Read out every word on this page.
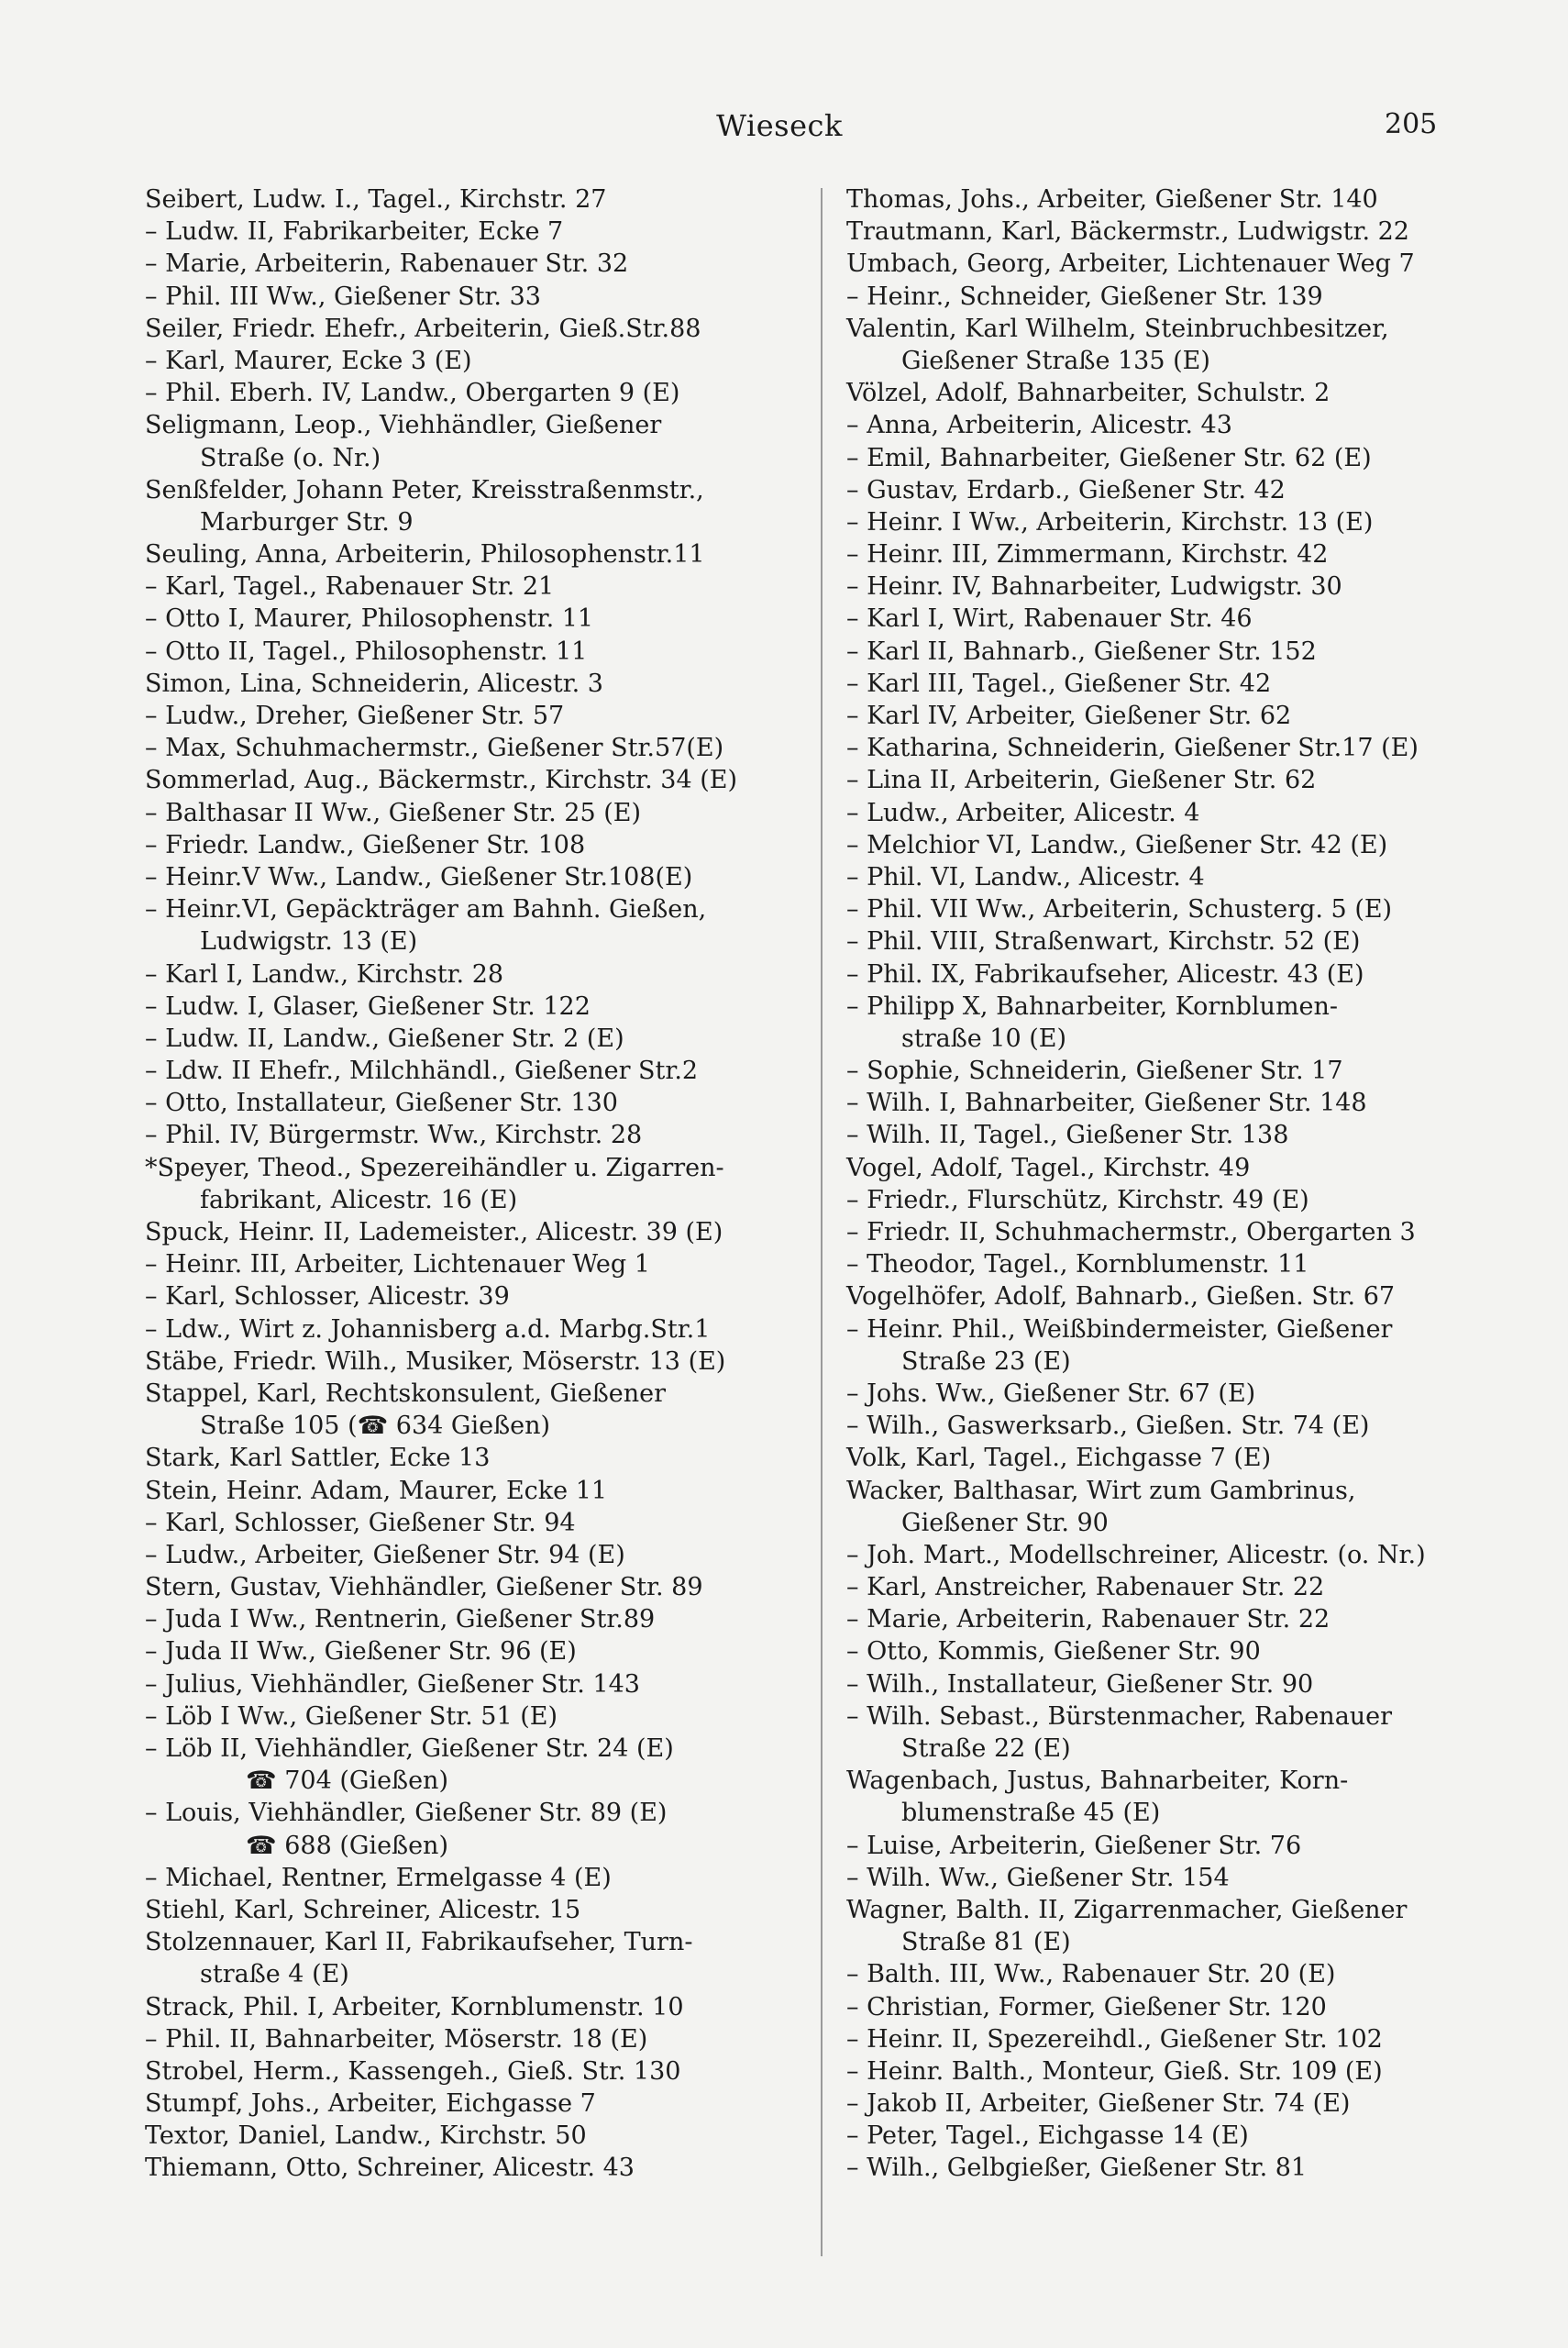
Wieseck	205
Seibert, Ludw. I., Tagel., Kirchstr. 27
– Ludw. II, Fabrikarbeiter, Ecke 7
– Marie, Arbeiterin, Rabenauer Str. 32
– Phil. III Ww., Gießener Str. 33
Seiler, Friedr. Ehefr., Arbeiterin, Gieß.Str.88
– Karl, Maurer, Ecke 3 (E)
– Phil. Eberh. IV, Landw., Obergarten 9 (E)
Seligmann, Leop., Viehhändler, Gießener
Straße (o. Nr.)
Senßfelder, Johann Peter, Kreisstraßenmstr.,
Marburger Str. 9
Seuling, Anna, Arbeiterin, Philosophenstr.11
– Karl, Tagel., Rabenauer Str. 21
– Otto I, Maurer, Philosophenstr. 11
– Otto II, Tagel., Philosophenstr. 11
Simon, Lina, Schneiderin, Alicestr. 3
– Ludw., Dreher, Gießener Str. 57
– Max, Schuhmachermstr., Gießener Str.57(E)
Sommerlad, Aug., Bäckermstr., Kirchstr. 34 (E)
– Balthasar II Ww., Gießener Str. 25 (E)
– Friedr. Landw., Gießener Str. 108
– Heinr.V Ww., Landw., Gießener Str.108(E)
– Heinr.VI, Gepäckträger am Bahnh. Gießen,
Ludwigstr. 13 (E)
– Karl I, Landw., Kirchstr. 28
– Ludw. I, Glaser, Gießener Str. 122
– Ludw. II, Landw., Gießener Str. 2 (E)
– Ldw. II Ehefr., Milchhändl., Gießener Str.2
– Otto, Installateur, Gießener Str. 130
– Phil. IV, Bürgermstr. Ww., Kirchstr. 28
*Speyer, Theod., Spezereihändler u. Zigarren-
fabrikant, Alicestr. 16 (E)
Spuck, Heinr. II, Lademeister., Alicestr. 39 (E)
– Heinr. III, Arbeiter, Lichtenauer Weg 1
– Karl, Schlosser, Alicestr. 39
– Ldw., Wirt z. Johannisberg a.d. Marbg.Str.1
Stäbe, Friedr. Wilh., Musiker, Möserstr. 13 (E)
Stappel, Karl, Rechtskonsulent, Gießener
Straße 105 (☎ 634 Gießen)
Stark, Karl Sattler, Ecke 13
Stein, Heinr. Adam, Maurer, Ecke 11
– Karl, Schlosser, Gießener Str. 94
– Ludw., Arbeiter, Gießener Str. 94 (E)
Stern, Gustav, Viehhändler, Gießener Str. 89
– Juda I Ww., Rentnerin, Gießener Str.89
– Juda II Ww., Gießener Str. 96 (E)
– Julius, Viehhändler, Gießener Str. 143
– Löb I Ww., Gießener Str. 51 (E)
– Löb II, Viehhändler, Gießener Str. 24 (E)
☎ 704 (Gießen)
– Louis, Viehhändler, Gießener Str. 89 (E)
☎ 688 (Gießen)
– Michael, Rentner, Ermelgasse 4 (E)
Stiehl, Karl, Schreiner, Alicestr. 15
Stolzennauer, Karl II, Fabrikaufseher, Turn-
straße 4 (E)
Strack, Phil. I, Arbeiter, Kornblumenstr. 10
– Phil. II, Bahnarbeiter, Möserstr. 18 (E)
Strobel, Herm., Kassengeh., Gieß. Str. 130
Stumpf, Johs., Arbeiter, Eichgasse 7
Textor, Daniel, Landw., Kirchstr. 50
Thiemann, Otto, Schreiner, Alicestr. 43
Thomas, Johs., Arbeiter, Gießener Str. 140
Trautmann, Karl, Bäckermstr., Ludwigstr. 22
Umbach, Georg, Arbeiter, Lichtenauer Weg 7
– Heinr., Schneider, Gießener Str. 139
Valentin, Karl Wilhelm, Steinbruchbesitzer,
Gießener Straße 135 (E)
Völzel, Adolf, Bahnarbeiter, Schulstr. 2
– Anna, Arbeiterin, Alicestr. 43
– Emil, Bahnarbeiter, Gießener Str. 62 (E)
– Gustav, Erdarb., Gießener Str. 42
– Heinr. I Ww., Arbeiterin, Kirchstr. 13 (E)
– Heinr. III, Zimmermann, Kirchstr. 42
– Heinr. IV, Bahnarbeiter, Ludwigstr. 30
– Karl I, Wirt, Rabenauer Str. 46
– Karl II, Bahnarb., Gießener Str. 152
– Karl III, Tagel., Gießener Str. 42
– Karl IV, Arbeiter, Gießener Str. 62
– Katharina, Schneiderin, Gießener Str.17 (E)
– Lina II, Arbeiterin, Gießener Str. 62
– Ludw., Arbeiter, Alicestr. 4
– Melchior VI, Landw., Gießener Str. 42 (E)
– Phil. VI, Landw., Alicestr. 4
– Phil. VII Ww., Arbeiterin, Schusterg. 5 (E)
– Phil. VIII, Straßenwart, Kirchstr. 52 (E)
– Phil. IX, Fabrikaufseher, Alicestr. 43 (E)
– Philipp X, Bahnarbeiter, Kornblumen-
straße 10 (E)
– Sophie, Schneiderin, Gießener Str. 17
– Wilh. I, Bahnarbeiter, Gießener Str. 148
– Wilh. II, Tagel., Gießener Str. 138
Vogel, Adolf, Tagel., Kirchstr. 49
– Friedr., Flurschütz, Kirchstr. 49 (E)
– Friedr. II, Schuhmachermstr., Obergarten 3
– Theodor, Tagel., Kornblumenstr. 11
Vogelhöfer, Adolf, Bahnarb., Gießen. Str. 67
– Heinr. Phil., Weißbindermeister, Gießener
Straße 23 (E)
– Johs. Ww., Gießener Str. 67 (E)
– Wilh., Gaswerksarb., Gießen. Str. 74 (E)
Volk, Karl, Tagel., Eichgasse 7 (E)
Wacker, Balthasar, Wirt zum Gambrinus,
Gießener Str. 90
– Joh. Mart., Modellschreiner, Alicestr. (o. Nr.)
– Karl, Anstreicher, Rabenauer Str. 22
– Marie, Arbeiterin, Rabenauer Str. 22
– Otto, Kommis, Gießener Str. 90
– Wilh., Installateur, Gießener Str. 90
– Wilh. Sebast., Bürstenmacher, Rabenauer
Straße 22 (E)
Wagenbach, Justus, Bahnarbeiter, Korn-
blumenstraße 45 (E)
– Luise, Arbeiterin, Gießener Str. 76
– Wilh. Ww., Gießener Str. 154
Wagner, Balth. II, Zigarrenmacher, Gießener
Straße 81 (E)
– Balth. III, Ww., Rabenauer Str. 20 (E)
– Christian, Former, Gießener Str. 120
– Heinr. II, Spezereihdl., Gießener Str. 102
– Heinr. Balth., Monteur, Gieß. Str. 109 (E)
– Jakob II, Arbeiter, Gießener Str. 74 (E)
– Peter, Tagel., Eichgasse 14 (E)
– Wilh., Gelbgießer, Gießener Str. 81
